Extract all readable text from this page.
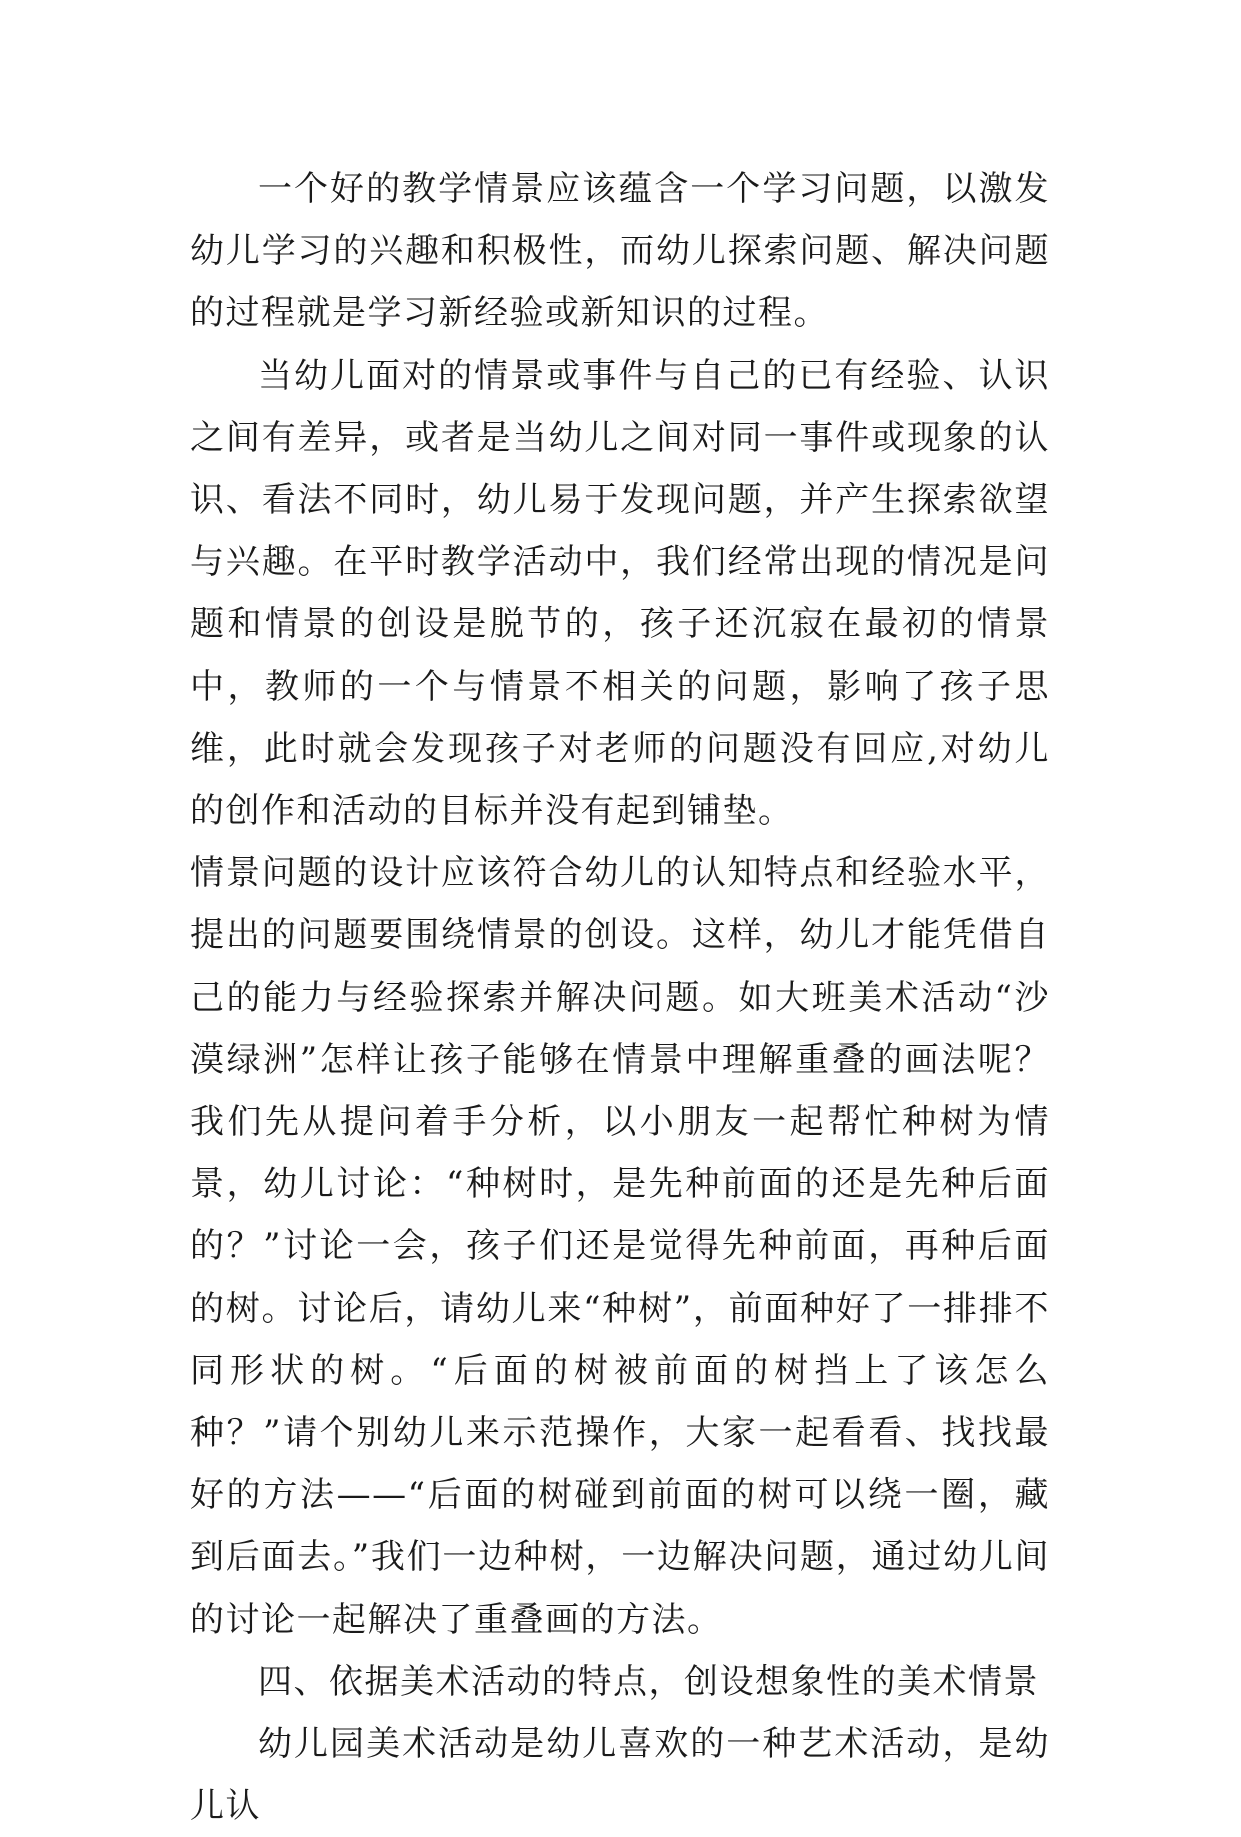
一个好的教学情景应该蕴含一个学习问题，以激发幼儿学习的兴趣和积极性，而幼儿探索问题、解决问题的过程就是学习新经验或新知识的过程。

当幼儿面对的情景或事件与自己的已有经验、认识之间有差异，或者是当幼儿之间对同一事件或现象的认识、看法不同时，幼儿易于发现问题，并产生探索欲望与兴趣。在平时教学活动中，我们经常出现的情况是问题和情景的创设是脱节的，孩子还沉寂在最初的情景中，教师的一个与情景不相关的问题，影响了孩子思维，此时就会发现孩子对老师的问题没有回应,对幼儿的创作和活动的目标并没有起到铺垫。

情景问题的设计应该符合幼儿的认知特点和经验水平，提出的问题要围绕情景的创设。这样，幼儿才能凭借自己的能力与经验探索并解决问题。如大班美术活动“沙漠绿洲”怎样让孩子能够在情景中理解重叠的画法呢？我们先从提问着手分析，以小朋友一起帮忙种树为情景，幼儿讨论：“种树时，是先种前面的还是先种后面的？”讨论一会，孩子们还是觉得先种前面，再种后面的树。讨论后，请幼儿来“种树”，前面种好了一排排不同形状的树。“后面的树被前面的树挡上了该怎么种？”请个别幼儿来示范操作，大家一起看看、找找最好的方法——“后面的树碰到前面的树可以绕一圈，藏到后面去。”我们一边种树，一边解决问题，通过幼儿间的讨论一起解决了重叠画的方法。

四、依据美术活动的特点，创设想象性的美术情景

幼儿园美术活动是幼儿喜欢的一种艺术活动，是幼儿认
